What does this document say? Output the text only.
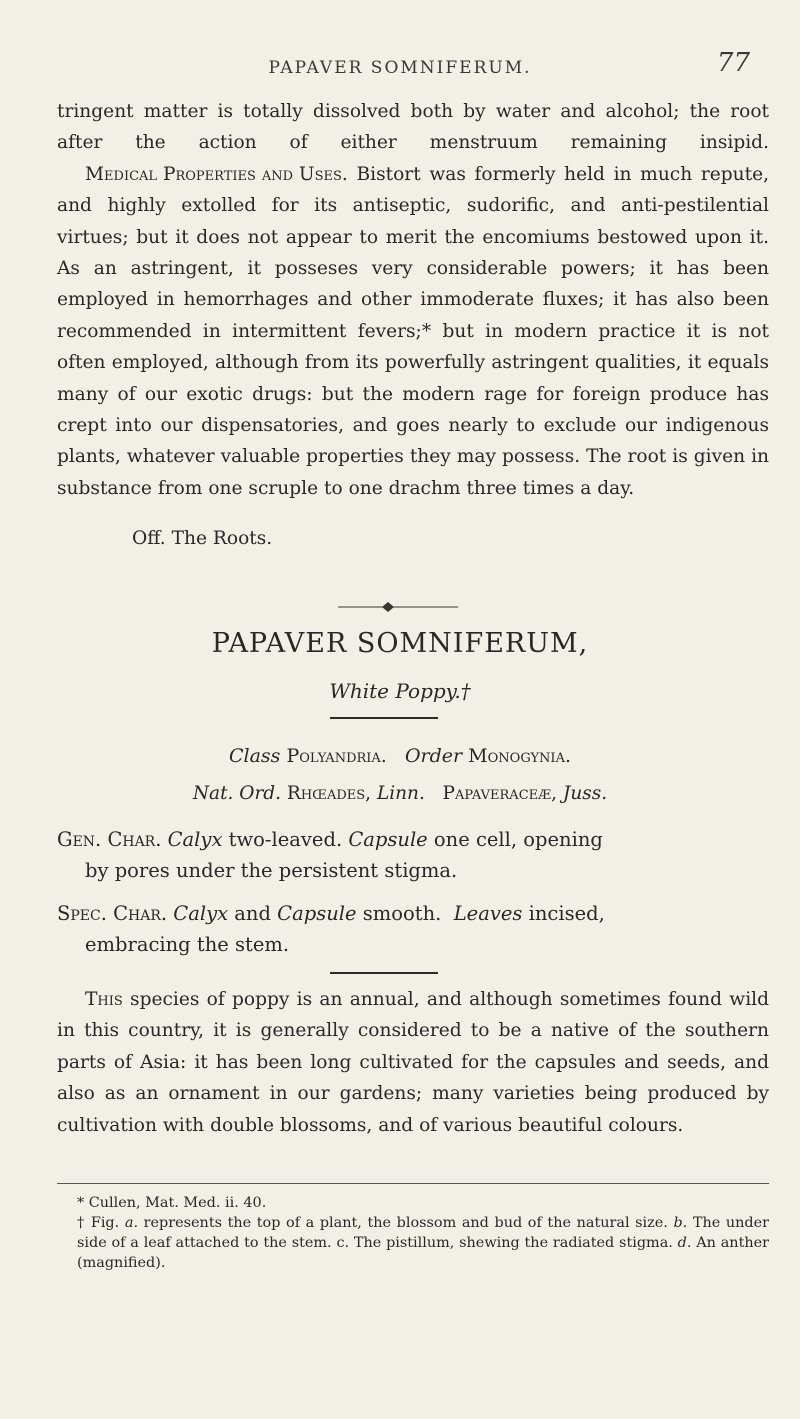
PAPAVER SOMNIFERUM.	77
tringent matter is totally dissolved both by water and alcohol; the root after the action of either menstruum remaining insipid. Medical Properties and Uses. Bistort was formerly held in much repute, and highly extolled for its antiseptic, sudorific, and anti-pestilential virtues; but it does not appear to merit the encomiums bestowed upon it. As an astringent, it posseses very considerable powers; it has been employed in hemorrhages and other immoderate fluxes; it has also been recommended in intermittent fevers;* but in modern practice it is not often employed, although from its powerfully astringent qualities, it equals many of our exotic drugs: but the modern rage for foreign produce has crept into our dispensatories, and goes nearly to exclude our indigenous plants, whatever valuable properties they may possess. The root is given in substance from one scruple to one drachm three times a day.
Off. The Roots.
PAPAVER SOMNIFERUM,
White Poppy.†
Class Polyandria. Order Monogynia.
Nat. Ord. Rhœades, Linn. Papaveraceæ, Juss.
Gen. Char. Calyx two-leaved. Capsule one cell, opening
by pores under the persistent stigma.
Spec. Char. Calyx and Capsule smooth. Leaves incised,
embracing the stem.
This species of poppy is an annual, and although sometimes found wild in this country, it is generally considered to be a native of the southern parts of Asia: it has been long cultivated for the capsules and seeds, and also as an ornament in our gardens; many varieties being produced by cultivation with double blossoms, and of various beautiful colours.
* Cullen, Mat. Med. ii. 40.
† Fig. a. represents the top of a plant, the blossom and bud of the natural size. b. The under side of a leaf attached to the stem. c. The pistillum, shewing the radiated stigma. d. An anther (magnified).
